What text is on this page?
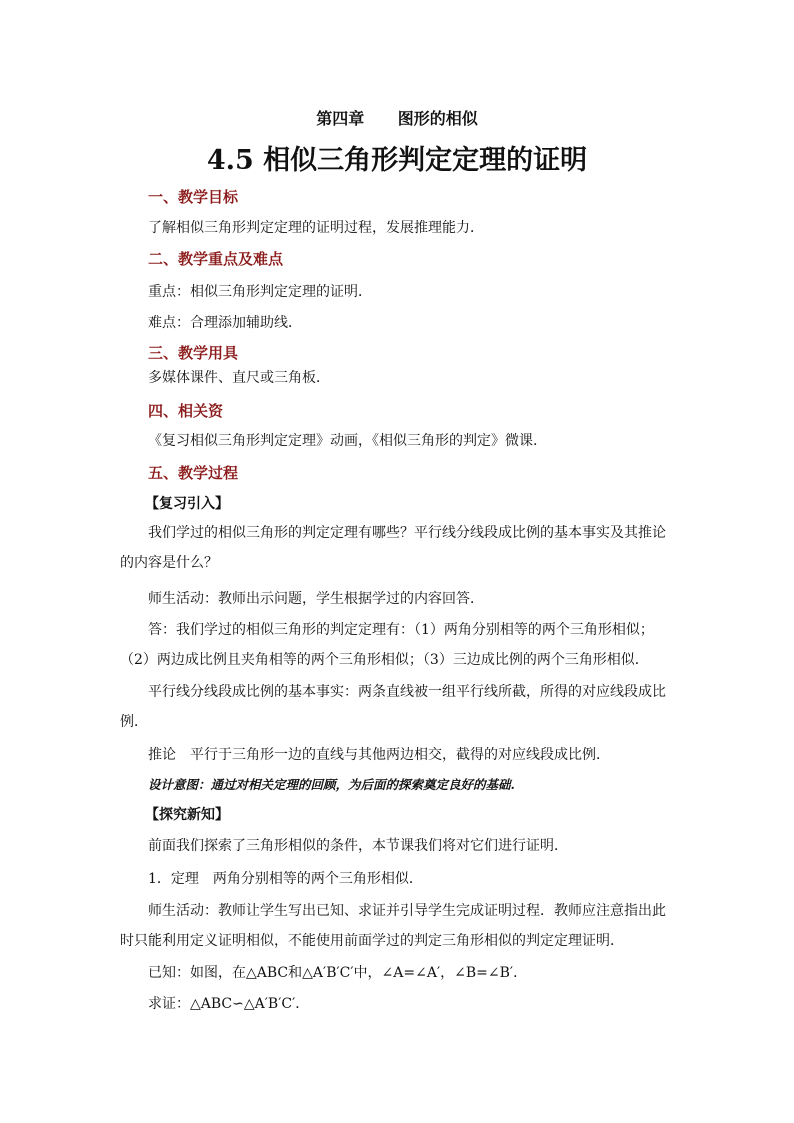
第四章      图形的相似
4.5 相似三角形判定定理的证明
一、教学目标
了解相似三角形判定定理的证明过程，发展推理能力．
二、教学重点及难点
重点：相似三角形判定定理的证明．
难点：合理添加辅助线．
三、教学用具
多媒体课件、直尺或三角板．
四、相关资
《复习相似三角形判定定理》动画，《相似三角形的判定》微课.
五、教学过程
【复习引入】
我们学过的相似三角形的判定定理有哪些？平行线分线段成比例的基本事实及其推论的内容是什么？
师生活动：教师出示问题，学生根据学过的内容回答．
答：我们学过的相似三角形的判定定理有：（1）两角分别相等的两个三角形相似；（2）两边成比例且夹角相等的两个三角形相似；（3）三边成比例的两个三角形相似．
平行线分线段成比例的基本事实：两条直线被一组平行线所截，所得的对应线段成比例．
推论　平行于三角形一边的直线与其他两边相交，截得的对应线段成比例．
设计意图：通过对相关定理的回顾，为后面的探索奠定良好的基础.
【探究新知】
前面我们探索了三角形相似的条件，本节课我们将对它们进行证明．
1．定理　两角分别相等的两个三角形相似．
师生活动：教师让学生写出已知、求证并引导学生完成证明过程．教师应注意指出此时只能利用定义证明相似，不能使用前面学过的判定三角形相似的判定定理证明．
已知：如图，在△ABC和△A′B′C′中，∠A=∠A′，∠B=∠B′．
求证：△ABC∽△A′B′C′．
